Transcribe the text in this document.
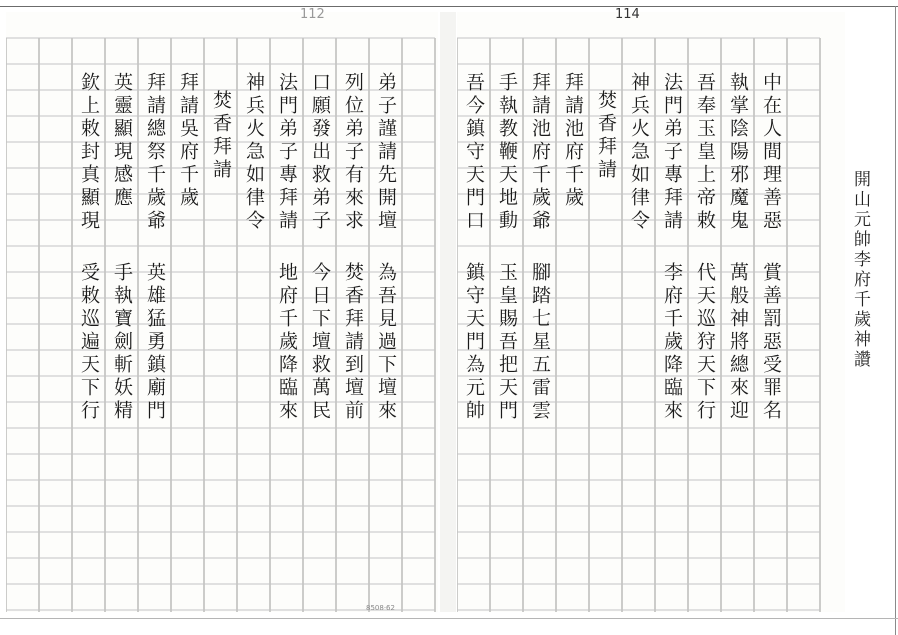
112
8508·62
弟子謹請先開壇
為吾見過下壇來
列位弟子有來求
焚香拜請到壇前
口願發出救弟子
今日下壇救萬民
法門弟子專拜請
地府千歲降臨來
神兵火急如律令
焚香拜請
拜請吳府千歲
拜請總祭千歲爺
英雄猛勇鎮廟門
英靈顯現感應
手執寶劍斬妖精
欽上敕封真顯現
受敕巡遍天下行
114
中在人間理善惡
賞善罰惡受罪名
執掌陰陽邪魔鬼
萬般神將總來迎
吾奉玉皇上帝敕
代天巡狩天下行
法門弟子專拜請
李府千歲降臨來
神兵火急如律令
焚香拜請
拜請池府千歲
拜請池府千歲爺
腳踏七星五雷雲
手執教鞭天地動
玉皇賜吾把天門
吾今鎮守天門口
鎮守天門為元帥	開山元帥李府千歲神讚
